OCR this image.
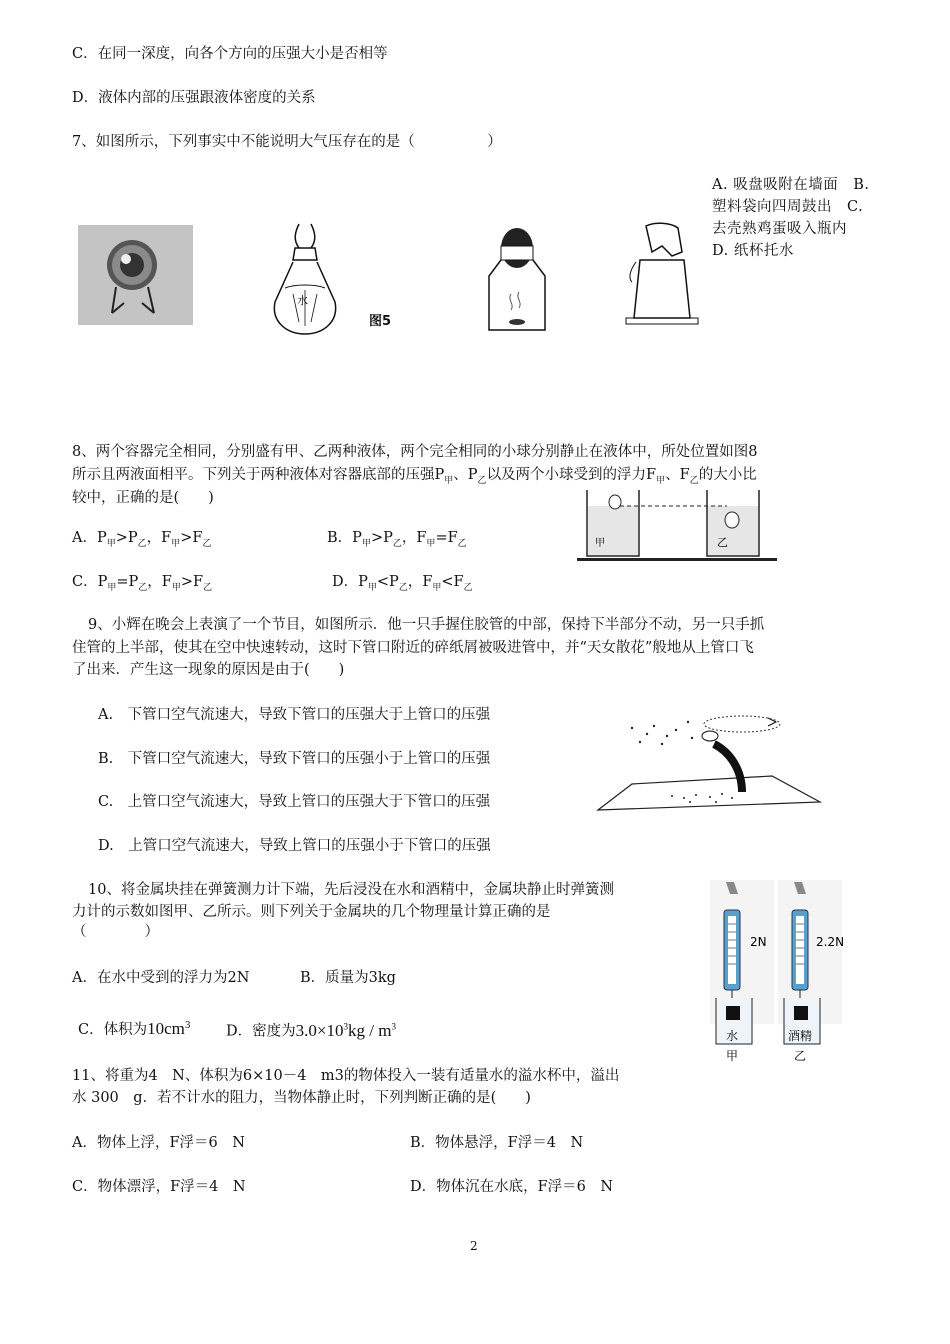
C．在同一深度，向各个方向的压强大小是否相等
D．液体内部的压强跟液体密度的关系
7、如图所示，下列事实中不能说明大气压存在的是（　　　　　）
A. 吸盘吸附在墙面　B. 塑料袋向四周鼓出　C. 去壳熟鸡蛋吸入瓶内　D. 纸杯托水
水
图5
8、两个容器完全相同，分别盛有甲、乙两种液体，两个完全相同的小球分别静止在液体中，所处位置如图8
所示且两液面相平。下列关于两种液体对容器底部的压强$P_甲$、$P_乙$以及两个小球受到的浮力$F_甲$、$F_乙$的大小比
较中，正确的是(　　)
甲	乙
A．$P_甲>P_乙$，$F_甲>F_乙$	B．$P_甲>P_乙$，$F_甲=F_乙$
C．$P_甲=P_乙$，$F_甲>F_乙$	D．$P_甲<P_乙$，$F_甲<F_乙$
9、小辉在晚会上表演了一个节目，如图所示．他一只手握住胶管的中部，保持下半部分不动，另一只手抓
住管的上半部，使其在空中快速转动，这时下管口附近的碎纸屑被吸进管中，并“天女散花”般地从上管口飞
了出来．产生这一现象的原因是由于(　　)
A.　下管口空气流速大，导致下管口的压强大于上管口的压强
B.　下管口空气流速大，导致下管口的压强小于上管口的压强
C.　上管口空气流速大，导致上管口的压强大于下管口的压强
D.　上管口空气流速大，导致上管口的压强小于下管口的压强
10、将金属块挂在弹簧测力计下端，先后浸没在水和酒精中，金属块静止时弹簧测
力计的示数如图甲、乙所示。则下列关于金属块的几个物理量计算正确的是
（　　　　）
A．在水中受到的浮力为2N	B．质量为3kg
C．体积为$10cm^3$ D．密度为$3.0\times 10^3kg / m^3$
2N	2.2N
水	酒精
甲	乙
11、将重为4　N、体积为6×10－4　m3的物体投入一装有适量水的溢水杯中，溢出
水 300　g．若不计水的阻力，当物体静止时，下列判断正确的是(　　)
A．物体上浮，F浮＝6　N	B．物体悬浮，F浮＝4　N
C．物体漂浮，F浮＝4　N	D．物体沉在水底，F浮＝6　N
2
